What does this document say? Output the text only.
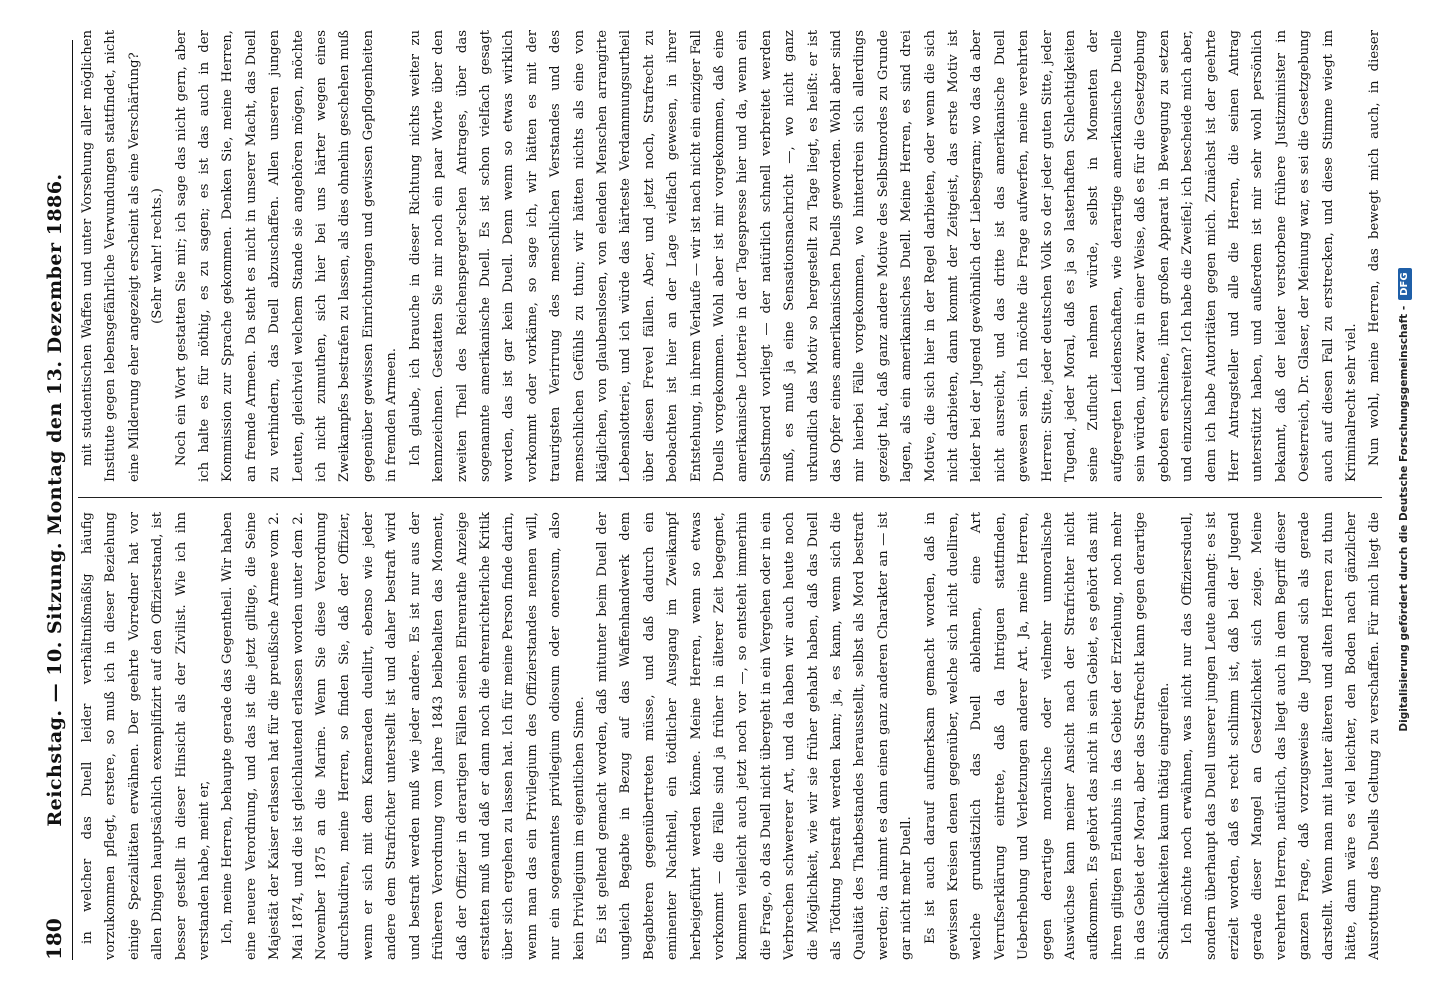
180
Reichstag. — 10. Sitzung. Montag den 13. Dezember 1886.	in welcher das Duell leider verhältnißmäßig häufig vorzukommen pflegt, erstere, so muß ich in dieser Beziehung einige Spezialitäten erwähnen. Der geehrte Vorredner hat vor allen Dingen hauptsächlich exemplifizirt auf den Offizierstand, ist besser gestellt in dieser Hinsicht als der Zivilist. Wie ich ihn verstanden habe, meint er, Ich, meine Herren, behaupte gerade das Gegentheil. Wir haben eine neuere Verordnung, und das ist die jetzt giltige, die Seine Majestät der Kaiser erlassen hat für die preußische Armee vom 2. Mai 1874, und die ist gleichlautend erlassen worden unter dem 2. November 1875 an die Marine. Wenn Sie diese Verordnung durchstudiren, meine Herren, so finden Sie, daß der Offizier, wenn er sich mit dem Kameraden duellirt, ebenso wie jeder andere dem Strafrichter unterstellt ist und daher bestraft wird und bestraft werden muß wie jeder andere. Es ist nur aus der früheren Verordnung vom Jahre 1843 beibehalten das Moment, daß der Offizier in derartigen Fällen seinen Ehrenrathe Anzeige erstatten muß und daß er dann noch die ehrenrichterliche Kritik über sich ergehen zu lassen hat. Ich für meine Person finde darin, wenn man das ein Privilegium des Offizierstandes nennen will, nur ein sogenanntes privilegium odiosum oder onerosum, also kein Privilegium im eigentlichen Sinne. Es ist geltend gemacht worden, daß mitunter beim Duell der ungleich Begabte in Bezug auf das Waffenhandwerk dem Begabteren gegenübertreten müsse, und daß dadurch ein eminenter Nachtheil, ein tödtlicher Ausgang im Zweikampf herbeigeführt werden könne. Meine Herren, wenn so etwas vorkommt — die Fälle sind ja früher in älterer Zeit begegnet, kommen vielleicht auch jetzt noch vor —, so entsteht immerhin die Frage, ob das Duell nicht übergeht in ein Vergehen oder in ein Verbrechen schwererer Art, und da haben wir auch heute noch die Möglichkeit, wie wir sie früher gehabt haben, daß das Duell als Tödtung bestraft werden kann; ja, es kann, wenn sich die Qualität des Thatbestandes herausstellt, selbst als Mord bestraft werden; da nimmt es dann einen ganz anderen Charakter an — ist gar nicht mehr Duell. Es ist auch darauf aufmerksam gemacht worden, daß in gewissen Kreisen denen gegenüber, welche sich nicht duelliren, welche grundsätzlich das Duell ablehnen, eine Art Verrufserklärung eintrete, daß da Intriguen stattfinden, Ueberhebung und Verletzungen anderer Art. Ja, meine Herren, gegen derartige moralische oder vielmehr unmoralische Auswüchse kann meiner Ansicht nach der Strafrichter nicht aufkommen. Es gehört das nicht in sein Gebiet, es gehört das mit ihren giltigen Erlaubnis in das Gebiet der Erziehung, noch mehr in das Gebiet der Moral, aber das Strafrecht kann gegen derartige Schändlichkeiten kaum thätig eingreifen. Ich möchte noch erwähnen, was nicht nur das Offiziersduell, sondern überhaupt das Duell unserer jungen Leute anlangt: es ist erzielt worden, daß es recht schlimm ist, daß bei der Jugend gerade dieser Mangel an Gesetzlichkeit sich zeige. Meine verehrten Herren, natürlich, das liegt auch in dem Begriff dieser ganzen Frage, daß vorzugsweise die Jugend sich als gerade darstellt. Wenn man mit lauter älteren und alten Herren zu thun hätte, dann wäre es viel leichter, den Boden nach gänzlicher Ausrottung des Duells Geltung zu verschaffen. Für mich liegt die

mit studentischen Waffen und unter Vorsehung aller möglichen Institute gegen lebensgefährliche Verwundungen stattfindet, nicht eine Milderung eher angezeigt erscheint als eine Verschärfung? (Sehr wahr! rechts.) Noch ein Wort gestatten Sie mir; ich sage das nicht gern, aber ich halte es für nöthig, es zu sagen; es ist das auch in der Kommission zur Sprache gekommen. Denken Sie, meine Herren, an fremde Armeen. Da steht es nicht in unserer Macht, das Duell zu verhindern, das Duell abzuschaffen. Allen unseren jungen Leuten, gleichviel welchem Stande sie angehören mögen, möchte ich nicht zumuthen, sich hier bei uns härter wegen eines Zweikampfes bestrafen zu lassen, als dies ohnehin geschehen muß gegenüber gewissen Einrichtungen und gewissen Gepflogenheiten in fremden Armeen. Ich glaube, ich brauche in dieser Richtung nichts weiter zu kennzeichnen. Gestatten Sie mir noch ein paar Worte über den zweiten Theil des Reichensperger'schen Antrages, über das sogenannte amerikanische Duell. Es ist schon vielfach gesagt worden, das ist gar kein Duell. Denn wenn so etwas wirklich vorkommt oder vorkäme, so sage ich, wir hätten es mit der traurigsten Verirrung des menschlichen Verstandes und des menschlichen Gefühls zu thun; wir hätten nichts als eine von kläglichen, von glaubenslosen, von elenden Menschen arrangirte Lebenslotterie, und ich würde das härteste Verdammungsurtheil über diesen Frevel fällen. Aber, und jetzt noch, Strafrecht zu beobachten ist hier an der Lage vielfach gewesen, in ihrer Entstehung, in ihrem Verlaufe — wir ist nach nicht ein einziger Fall Duells vorgekommen. Wohl aber ist mir vorgekommen, daß eine amerikanische Lotterie in der Tagespresse hier und da, wenn ein Selbstmord vorliegt — der natürlich schnell verbreitet werden muß, es muß ja eine Sensationsnachricht —, wo nicht ganz urkundlich das Motiv so hergestellt zu Tage liegt, es heißt: er ist das Opfer eines amerikanischen Duells geworden. Wohl aber sind mir hierbei Fälle vorgekommen, wo hinterdrein sich allerdings gezeigt hat, daß ganz andere Motive des Selbstmordes zu Grunde lagen, als ein amerikanisches Duell. Meine Herren, es sind drei Motive, die sich hier in der Regel darbieten, oder wenn die sich nicht darbieten, dann kommt der Zeitgeist, das erste Motiv ist leider bei der Jugend gewöhnlich der Liebesgram; wo das da aber nicht ausreicht, und das dritte ist das amerikanische Duell gewesen sein. Ich möchte die Frage aufwerfen, meine verehrten Herren: Sitte, jeder deutschen Volk so der jeder guten Sitte, jeder Tugend, jeder Moral, daß es ja so lasterhaften Schlechtigkeiten seine Zuflucht nehmen würde, selbst in Momenten der aufgeregten Leidenschaften, wie derartige amerikanische Duelle sein würden, und zwar in einer Weise, daß es für die Gesetzgebung geboten erschiene, ihren großen Apparat in Bewegung zu setzen und einzuschreiten? Ich habe die Zweifel; ich bescheide mich aber, denn ich habe Autoritäten gegen mich. Zunächst ist der geehrte Herr Antragsteller und alle die Herren, die seinen Antrag unterstützt haben, und außerdem ist mir sehr wohl persönlich bekannt, daß der leider verstorbene frühere Justizminister in Oesterreich, Dr. Glaser, der Meinung war, es sei die Gesetzgebung auch auf diesen Fall zu erstrecken, und diese Stimme wiegt im Kriminalrecht sehr viel. Nun wohl, meine Herren, das bewegt mich auch, in dieser

Digitalisierung gefördert durch die Deutsche Forschungsgemeinschaft -DFG
